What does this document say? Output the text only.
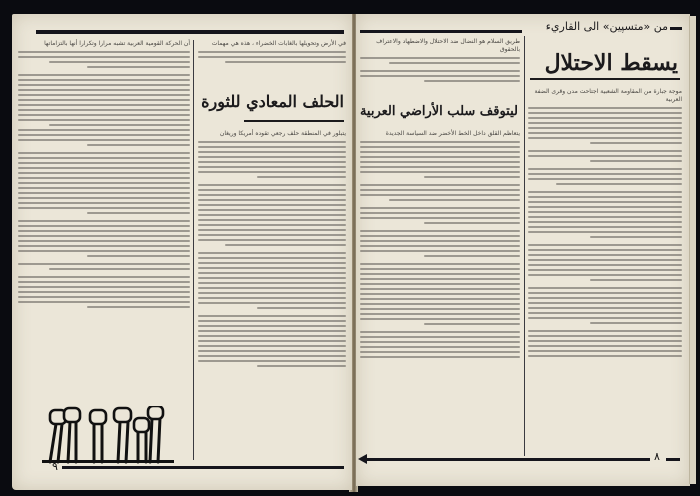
أن الحركة القومية العربية تشبه مرارا وتكرارا أنها بالتزاماتها	في الأرض وتحويلها بالغابات الخضراء ، هذه هي مهمات
الحلف المعادي للثورة
يتبلور في المنطقة حلف رجعي تقوده أمريكا وريغان
٩
من «متسپين» الى القاريء
يسقط الاحتلال
طريق السلام هو النضال ضد الاحتلال والاضطهاد والاعتراف بالحقوق
ليتوقف سلب الأراضي العربية
يتعاظم القلق داخل الخط الأخضر ضد السياسة الجديدة
موجة جبارة من المقاومة الشعبية اجتاحت مدن وقرى الضفة العربية
٨
